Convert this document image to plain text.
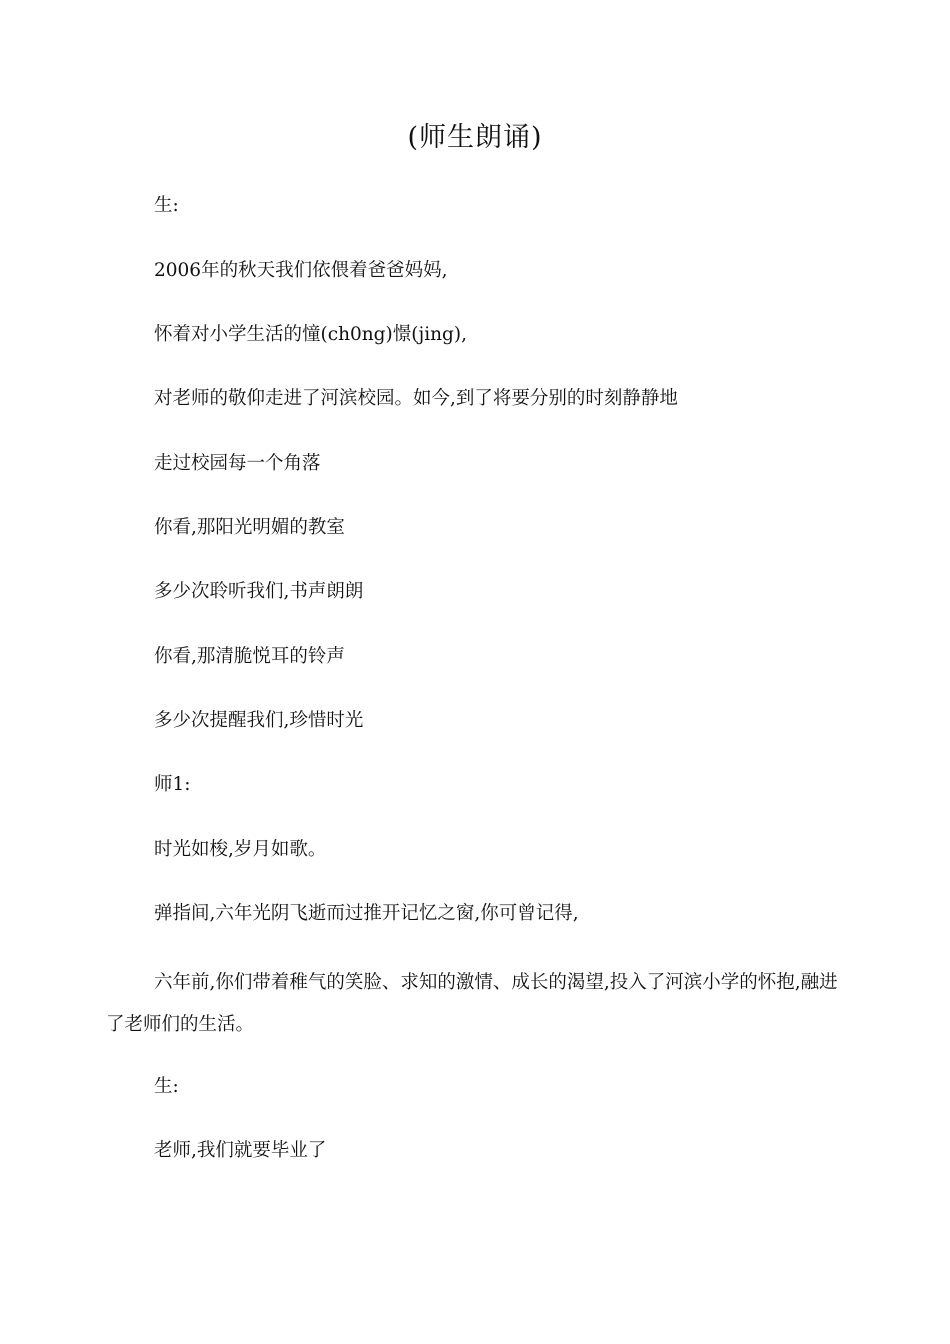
(师生朗诵)
生:
2006年的秋天我们依偎着爸爸妈妈,
怀着对小学生活的憧(ch0ng)憬(jing),
对老师的敬仰走进了河滨校园。如今,到了将要分别的时刻静静地
走过校园每一个角落
你看,那阳光明媚的教室
多少次聆听我们,书声朗朗
你看,那清脆悦耳的铃声
多少次提醒我们,珍惜时光
师1:
时光如梭,岁月如歌。
弹指间,六年光阴飞逝而过推开记忆之窗,你可曾记得,
六年前,你们带着稚气的笑脸、求知的激情、成长的渴望,投入了河滨小学的怀抱,融进了老师们的生活。
生:
老师,我们就要毕业了
